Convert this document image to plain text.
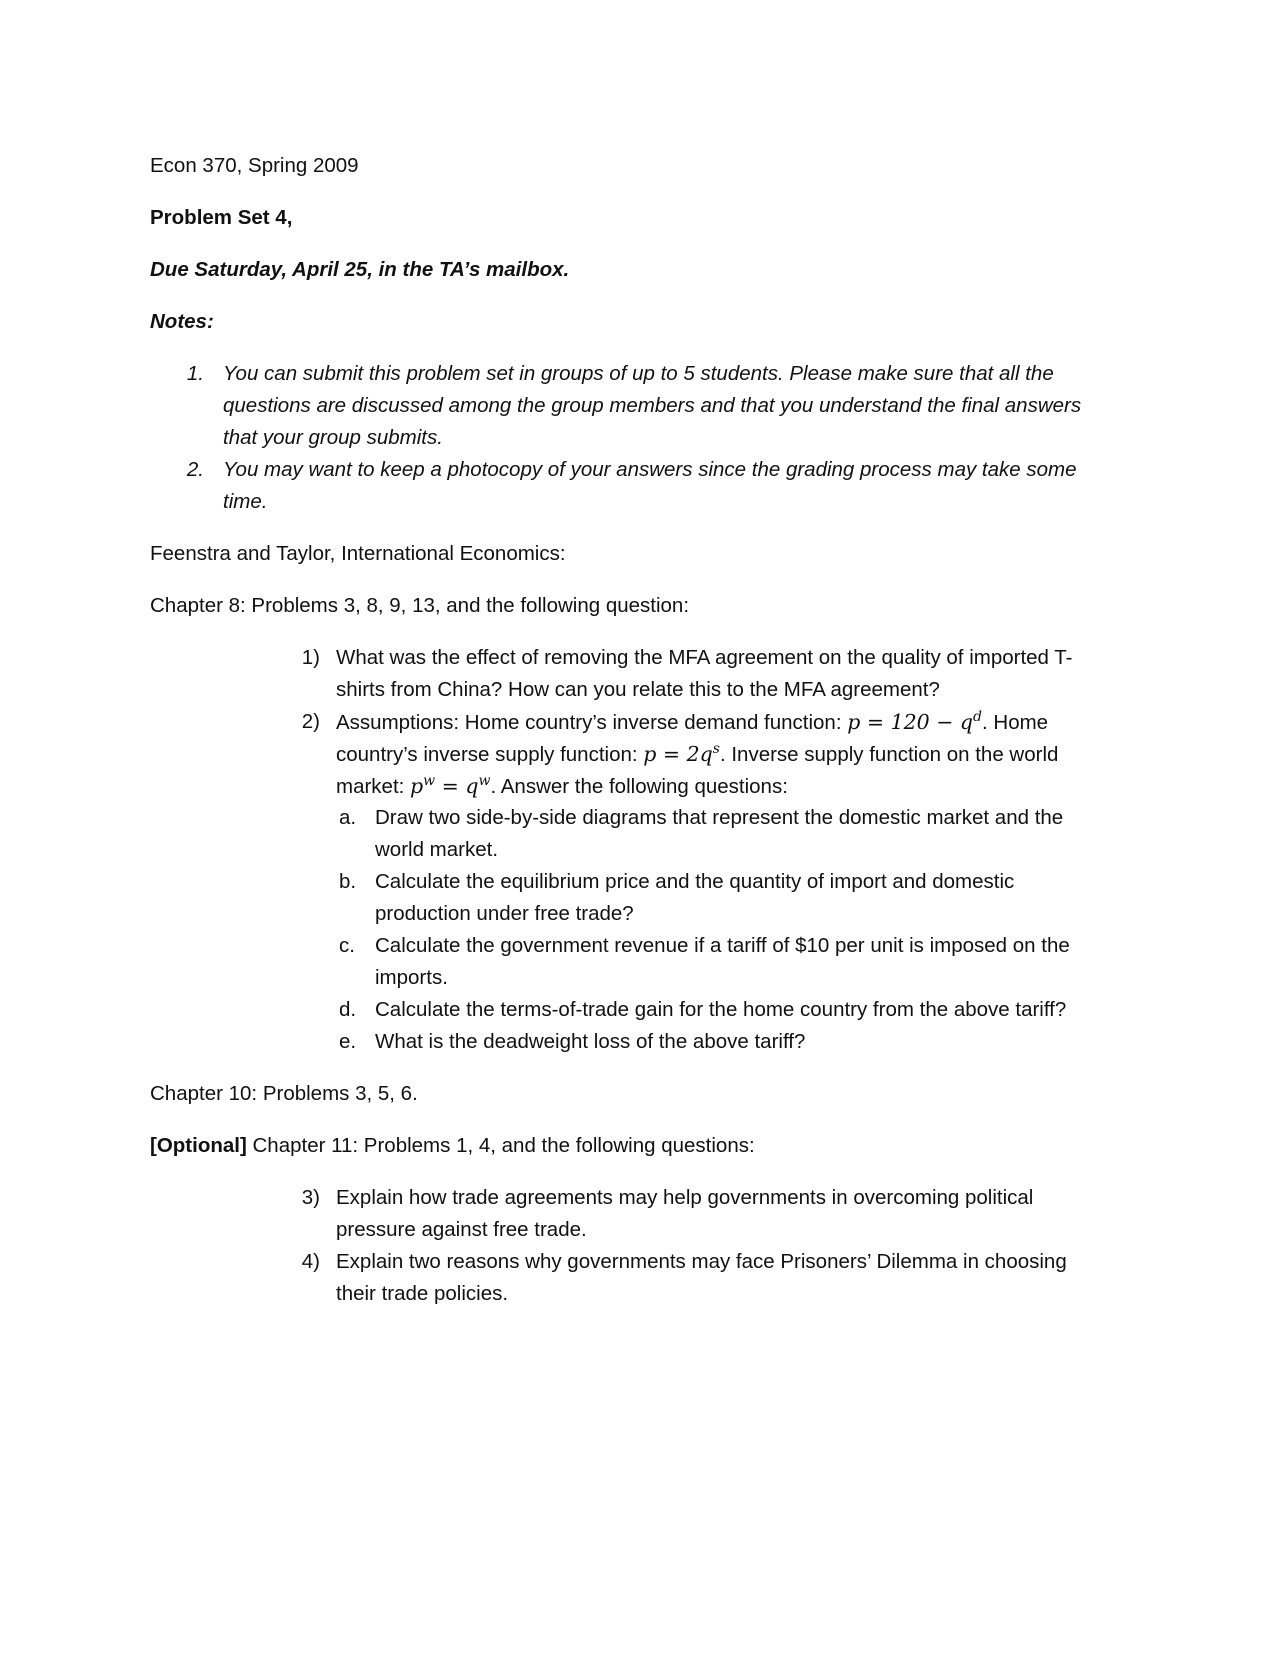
Econ 370, Spring 2009
Problem Set 4,
Due Saturday, April 25, in the TA’s mailbox.
Notes:
1. You can submit this problem set in groups of up to 5 students. Please make sure that all the
questions are discussed among the group members and that you understand the final answers
that your group submits.
2. You may want to keep a photocopy of your answers since the grading process may take some
time.
Feenstra and Taylor, International Economics:
Chapter 8: Problems 3, 8, 9, 13, and the following question:
1) What was the effect of removing the MFA agreement on the quality of imported T-
shirts from China? How can you relate this to the MFA agreement?
2) Assumptions: Home country’s inverse demand function: $p = 120 - q^d$. Home
country’s inverse supply function: $p = 2q^s$. Inverse supply function on the world
market: $p^w = q^w$. Answer the following questions:
a. Draw two side-by-side diagrams that represent the domestic market and the
world market.
b. Calculate the equilibrium price and the quantity of import and domestic
production under free trade?
c. Calculate the government revenue if a tariff of $10 per unit is imposed on the
imports.
d. Calculate the terms-of-trade gain for the home country from the above tariff?
e. What is the deadweight loss of the above tariff?
Chapter 10: Problems 3, 5, 6.
[Optional] Chapter 11: Problems 1, 4, and the following questions:
3) Explain how trade agreements may help governments in overcoming political
pressure against free trade.
4) Explain two reasons why governments may face Prisoners’ Dilemma in choosing
their trade policies.
